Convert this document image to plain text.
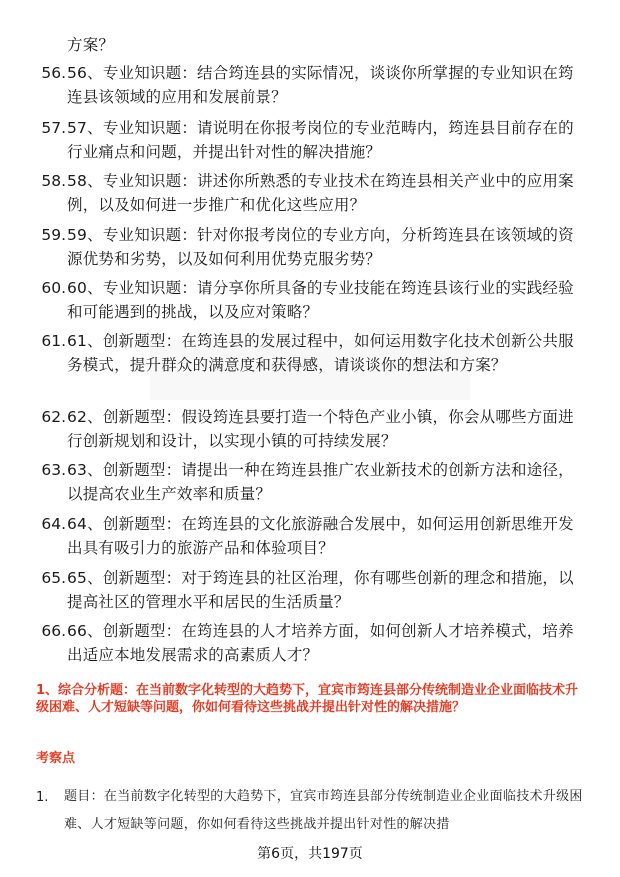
方案？
56. 56、专业知识题：结合筠连县的实际情况，谈谈你所掌握的专业知识在筠连县该领域的应用和发展前景？
57. 57、专业知识题：请说明在你报考岗位的专业范畴内，筠连县目前存在的行业痛点和问题，并提出针对性的解决措施？
58. 58、专业知识题：讲述你所熟悉的专业技术在筠连县相关产业中的应用案例，以及如何进一步推广和优化这些应用？
59. 59、专业知识题：针对你报考岗位的专业方向，分析筠连县在该领域的资源优势和劣势，以及如何利用优势克服劣势？
60. 60、专业知识题：请分享你所具备的专业技能在筠连县该行业的实践经验和可能遇到的挑战，以及应对策略？
61. 61、创新题型：在筠连县的发展过程中，如何运用数字化技术创新公共服务模式，提升群众的满意度和获得感，请谈谈你的想法和方案？
62. 62、创新题型：假设筠连县要打造一个特色产业小镇，你会从哪些方面进行创新规划和设计，以实现小镇的可持续发展？
63. 63、创新题型：请提出一种在筠连县推广农业新技术的创新方法和途径，以提高农业生产效率和质量？
64. 64、创新题型：在筠连县的文化旅游融合发展中，如何运用创新思维开发出具有吸引力的旅游产品和体验项目？
65. 65、创新题型：对于筠连县的社区治理，你有哪些创新的理念和措施，以提高社区的管理水平和居民的生活质量？
66. 66、创新题型：在筠连县的人才培养方面，如何创新人才培养模式，培养出适应本地发展需求的高素质人才？
1、综合分析题：在当前数字化转型的大趋势下，宜宾市筠连县部分传统制造业企业面临技术升级困难、人才短缺等问题，你如何看待这些挑战并提出针对性的解决措施？
考察点
1. 题目：在当前数字化转型的大趋势下，宜宾市筠连县部分传统制造业企业面临技术升级困难、人才短缺等问题，你如何看待这些挑战并提出针对性的解决措
第6页，共197页
